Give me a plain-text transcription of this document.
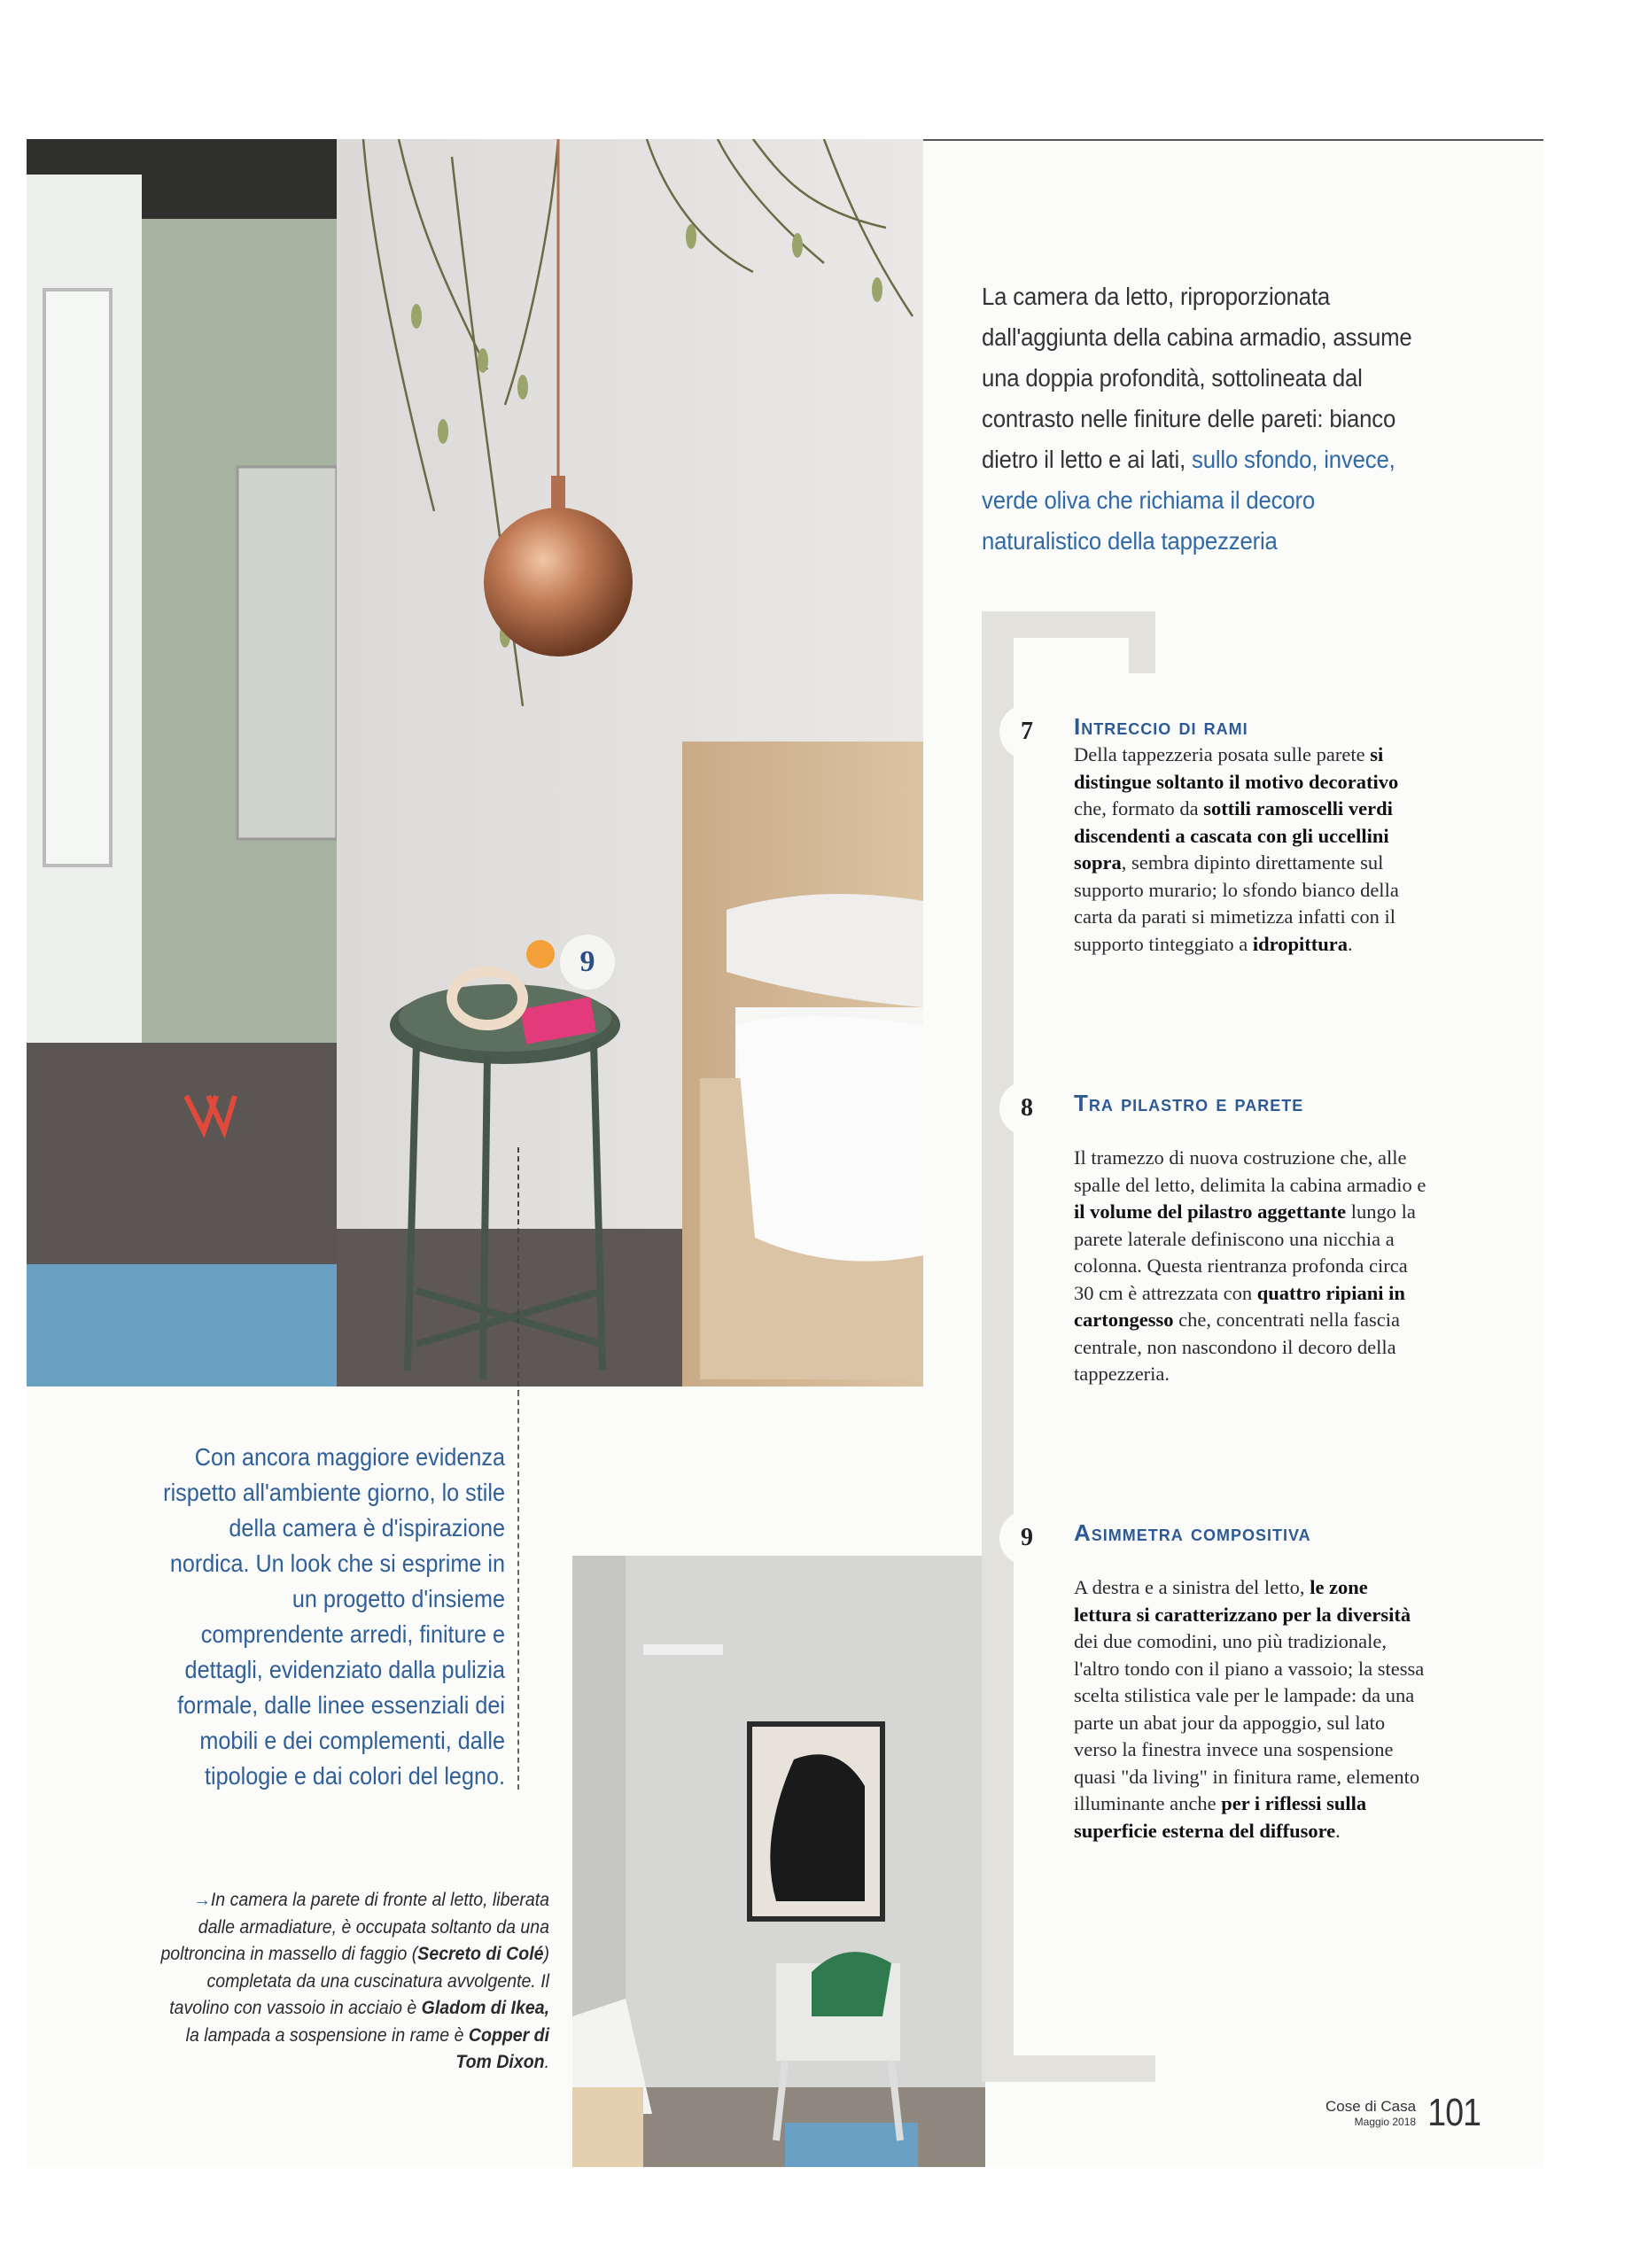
9
La camera da letto, riproporzionata dall'aggiunta della cabina armadio, assume una doppia profondità, sottolineata dal contrasto nelle finiture delle pareti: bianco dietro il letto e ai lati, sullo sfondo, invece, verde oliva che richiama il decoro naturalistico della tappezzeria
7	Intreccio di rami
Della tappezzeria posata sulle parete si distingue soltanto il motivo decorativo che, formato da sottili ramoscelli verdi discendenti a cascata con gli uccellini sopra, sembra dipinto direttamente sul supporto murario; lo sfondo bianco della carta da parati si mimetizza infatti con il supporto tinteggiato a idropittura.
8	Tra pilastro e parete
Il tramezzo di nuova costruzione che, alle spalle del letto, delimita la cabina armadio e il volume del pilastro aggettante lungo la parete laterale definiscono una nicchia a colonna. Questa rientranza profonda circa 30 cm è attrezzata con quattro ripiani in cartongesso che, concentrati nella fascia centrale, non nascondono il decoro della tappezzeria.
9	Asimmetra compositiva
A destra e a sinistra del letto, le zone lettura si caratterizzano per la diversità dei due comodini, uno più tradizionale, l'altro tondo con il piano a vassoio; la stessa scelta stilistica vale per le lampade: da una parte un abat jour da appoggio, sul lato verso la finestra invece una sospensione quasi "da living" in finitura rame, elemento illuminante anche per i riflessi sulla superficie esterna del diffusore.
Con ancora maggiore evidenza rispetto all'ambiente giorno, lo stile della camera è d'ispirazione nordica. Un look che si esprime in un progetto d'insieme comprendente arredi, finiture e dettagli, evidenziato dalla pulizia formale, dalle linee essenziali dei mobili e dei complementi, dalle tipologie e dai colori del legno.
→In camera la parete di fronte al letto, liberata dalle armadiature, è occupata soltanto da una poltroncina in massello di faggio (Secreto di Colé) completata da una cuscinatura avvolgente. Il tavolino con vassoio in acciaio è Gladom di Ikea, la lampada a sospensione in rame è Copper di Tom Dixon.
Cose di Casa
Maggio 2018 101
